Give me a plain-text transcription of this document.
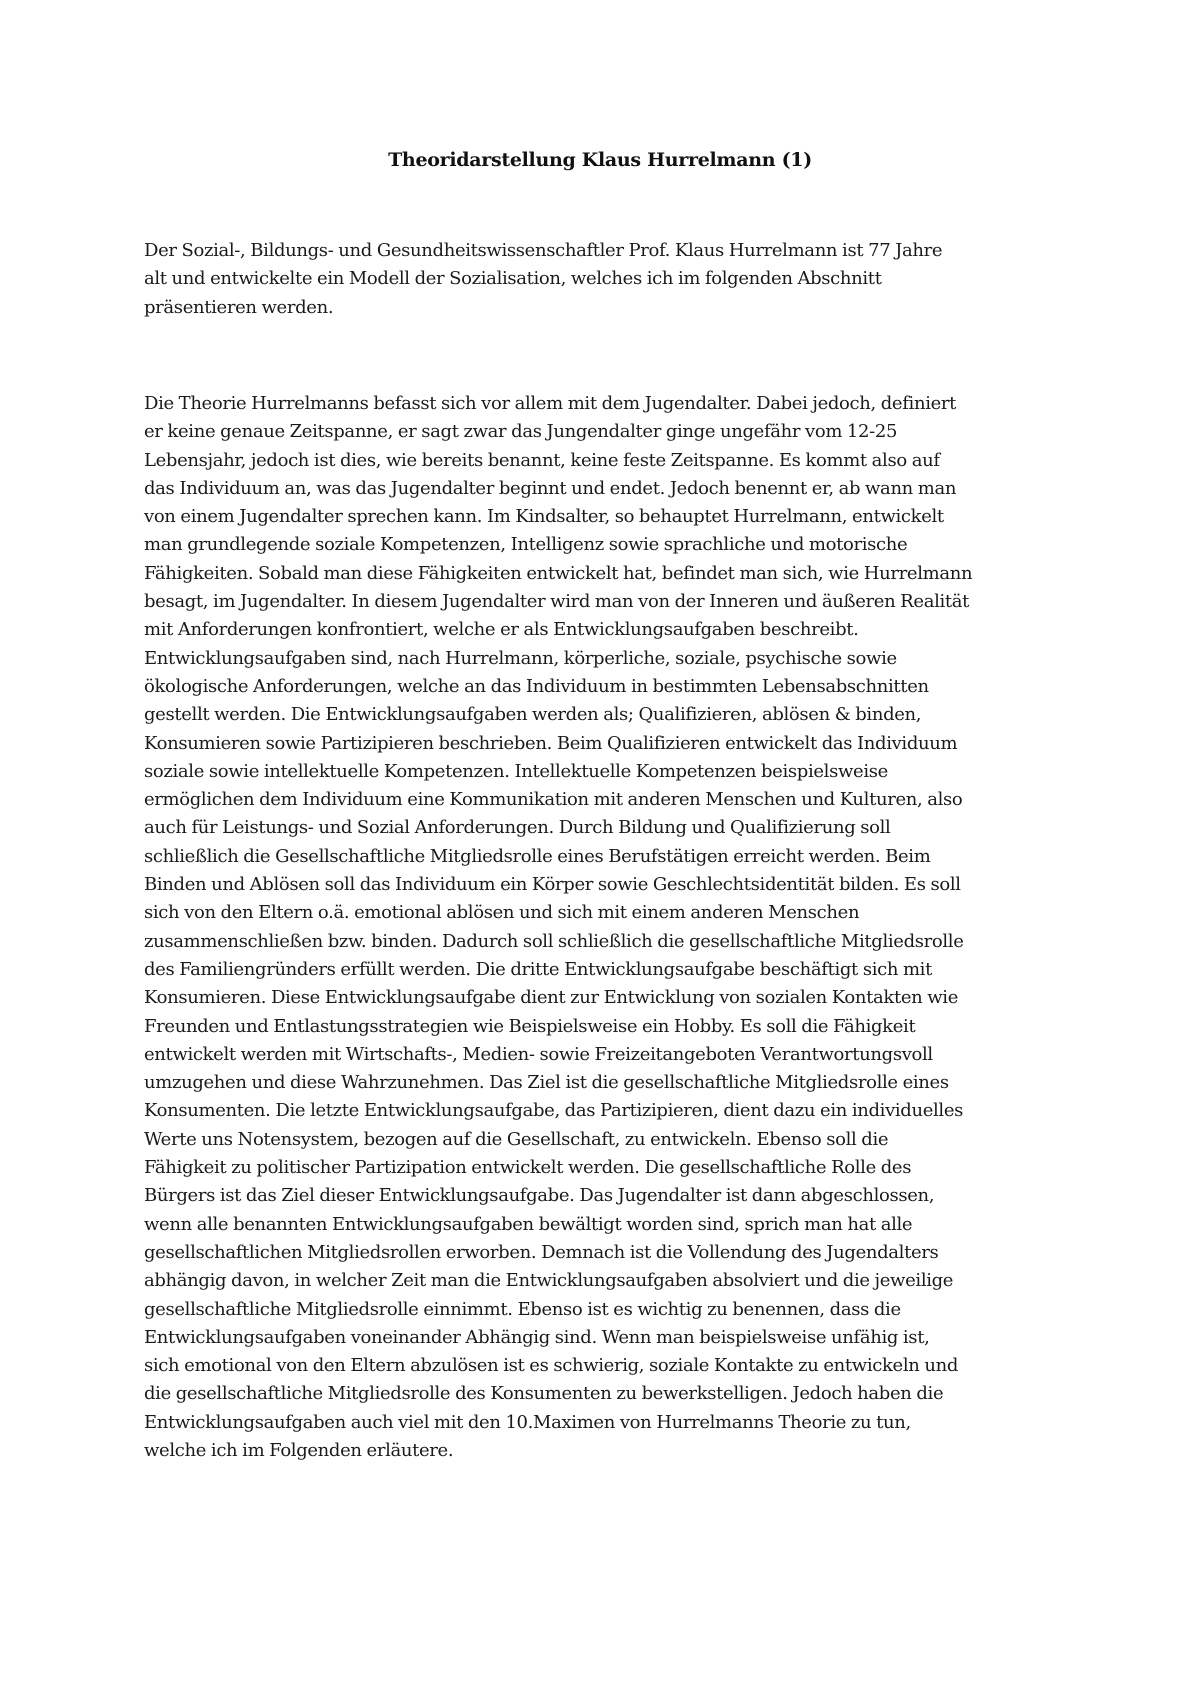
Theoridarstellung Klaus Hurrelmann (1)
Der Sozial-, Bildungs- und Gesundheitswissenschaftler Prof. Klaus Hurrelmann ist 77 Jahre
alt und entwickelte ein Modell der Sozialisation, welches ich im folgenden Abschnitt
präsentieren werden.
Die Theorie Hurrelmanns befasst sich vor allem mit dem Jugendalter. Dabei jedoch, definiert
er keine genaue Zeitspanne, er sagt zwar das Jungendalter ginge ungefähr vom 12-25
Lebensjahr, jedoch ist dies, wie bereits benannt, keine feste Zeitspanne. Es kommt also auf
das Individuum an, was das Jugendalter beginnt und endet. Jedoch benennt er, ab wann man
von einem Jugendalter sprechen kann. Im Kindsalter, so behauptet Hurrelmann, entwickelt
man grundlegende soziale Kompetenzen, Intelligenz sowie sprachliche und motorische
Fähigkeiten. Sobald man diese Fähigkeiten entwickelt hat, befindet man sich, wie Hurrelmann
besagt, im Jugendalter. In diesem Jugendalter wird man von der Inneren und äußeren Realität
mit Anforderungen konfrontiert, welche er als Entwicklungsaufgaben beschreibt.
Entwicklungsaufgaben sind, nach Hurrelmann, körperliche, soziale, psychische sowie
ökologische Anforderungen, welche an das Individuum in bestimmten Lebensabschnitten
gestellt werden. Die Entwicklungsaufgaben werden als; Qualifizieren, ablösen & binden,
Konsumieren sowie Partizipieren beschrieben. Beim Qualifizieren entwickelt das Individuum
soziale sowie intellektuelle Kompetenzen. Intellektuelle Kompetenzen beispielsweise
ermöglichen dem Individuum eine Kommunikation mit anderen Menschen und Kulturen, also
auch für Leistungs- und Sozial Anforderungen. Durch Bildung und Qualifizierung soll
schließlich die Gesellschaftliche Mitgliedsrolle eines Berufstätigen erreicht werden. Beim
Binden und Ablösen soll das Individuum ein Körper sowie Geschlechtsidentität bilden. Es soll
sich von den Eltern o.ä. emotional ablösen und sich mit einem anderen Menschen
zusammenschließen bzw. binden. Dadurch soll schließlich die gesellschaftliche Mitgliedsrolle
des Familiengründers erfüllt werden. Die dritte Entwicklungsaufgabe beschäftigt sich mit
Konsumieren. Diese Entwicklungsaufgabe dient zur Entwicklung von sozialen Kontakten wie
Freunden und Entlastungsstrategien wie Beispielsweise ein Hobby. Es soll die Fähigkeit
entwickelt werden mit Wirtschafts-, Medien- sowie Freizeitangeboten Verantwortungsvoll
umzugehen und diese Wahrzunehmen. Das Ziel ist die gesellschaftliche Mitgliedsrolle eines
Konsumenten. Die letzte Entwicklungsaufgabe, das Partizipieren, dient dazu ein individuelles
Werte uns Notensystem, bezogen auf die Gesellschaft, zu entwickeln. Ebenso soll die
Fähigkeit zu politischer Partizipation entwickelt werden. Die gesellschaftliche Rolle des
Bürgers ist das Ziel dieser Entwicklungsaufgabe. Das Jugendalter ist dann abgeschlossen,
wenn alle benannten Entwicklungsaufgaben bewältigt worden sind, sprich man hat alle
gesellschaftlichen Mitgliedsrollen erworben. Demnach ist die Vollendung des Jugendalters
abhängig davon, in welcher Zeit man die Entwicklungsaufgaben absolviert und die jeweilige
gesellschaftliche Mitgliedsrolle einnimmt. Ebenso ist es wichtig zu benennen, dass die
Entwicklungsaufgaben voneinander Abhängig sind. Wenn man beispielsweise unfähig ist,
sich emotional von den Eltern abzulösen ist es schwierig, soziale Kontakte zu entwickeln und
die gesellschaftliche Mitgliedsrolle des Konsumenten zu bewerkstelligen. Jedoch haben die
Entwicklungsaufgaben auch viel mit den 10.Maximen von Hurrelmanns Theorie zu tun,
welche ich im Folgenden erläutere.
